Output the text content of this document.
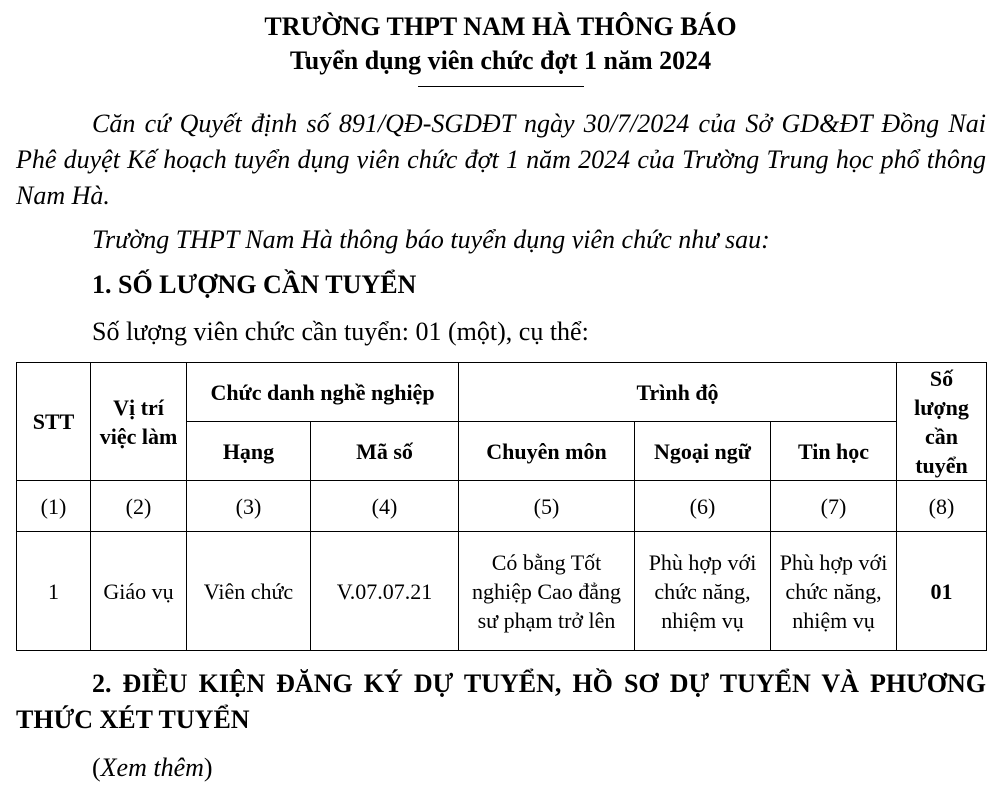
TRƯỜNG THPT NAM HÀ THÔNG BÁO

Tuyển dụng viên chức đợt 1 năm 2024

Căn cứ Quyết định số 891/QĐ-SGDĐT ngày 30/7/2024 của Sở GD&ĐT Đồng Nai Phê duyệt Kế hoạch tuyển dụng viên chức đợt 1 năm 2024 của Trường Trung học phổ thông Nam Hà.

Trường THPT Nam Hà thông báo tuyển dụng viên chức như sau:

1. SỐ LƯỢNG CẦN TUYỂN

Số lượng viên chức cần tuyển: 01 (một), cụ thể:

STT	Vị trí việc làm	Chức danh nghề nghiệp		Trình độ			Số lượng cần tuyển
		Hạng	Mã số	Chuyên môn	Ngoại ngữ	Tin học	
(1)	(2)	(3)	(4)	(5)	(6)	(7)	(8)
1	Giáo vụ	Viên chức	V.07.07.21	Có bằng Tốt nghiệp Cao đẳng sư phạm trở lên	Phù hợp với chức năng, nhiệm vụ	Phù hợp với chức năng, nhiệm vụ	01

2. ĐIỀU KIỆN ĐĂNG KÝ DỰ TUYỂN, HỒ SƠ DỰ TUYỂN VÀ PHƯƠNG THỨC XÉT TUYỂN

(Xem thêm)
